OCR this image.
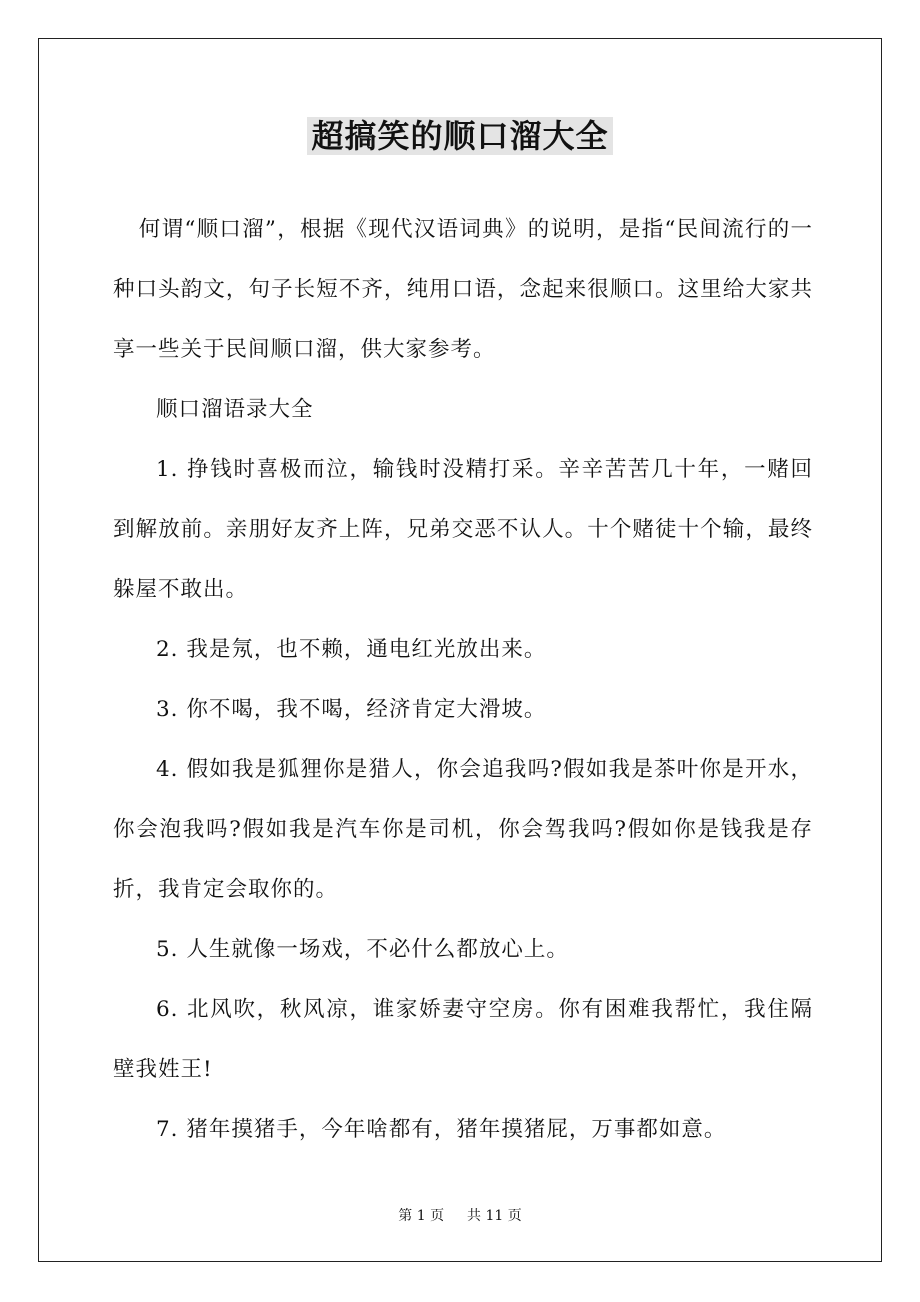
超搞笑的顺口溜大全

何谓“顺口溜”，根据《现代汉语词典》的说明，是指“民间流行的一种口头韵文，句子长短不齐，纯用口语，念起来很顺口。这里给大家共享一些关于民间顺口溜，供大家参考。

顺口溜语录大全

1. 挣钱时喜极而泣，输钱时没精打采。辛辛苦苦几十年，一赌回到解放前。亲朋好友齐上阵，兄弟交恶不认人。十个赌徒十个输，最终躲屋不敢出。

2. 我是氖，也不赖，通电红光放出来。

3. 你不喝，我不喝，经济肯定大滑坡。

4. 假如我是狐狸你是猎人，你会追我吗?假如我是茶叶你是开水，你会泡我吗?假如我是汽车你是司机，你会驾我吗?假如你是钱我是存折，我肯定会取你的。

5. 人生就像一场戏，不必什么都放心上。

6. 北风吹，秋风凉，谁家娇妻守空房。你有困难我帮忙，我住隔壁我姓王!

7. 猪年摸猪手，今年啥都有，猪年摸猪屁，万事都如意。

第 1 页 共 11 页
